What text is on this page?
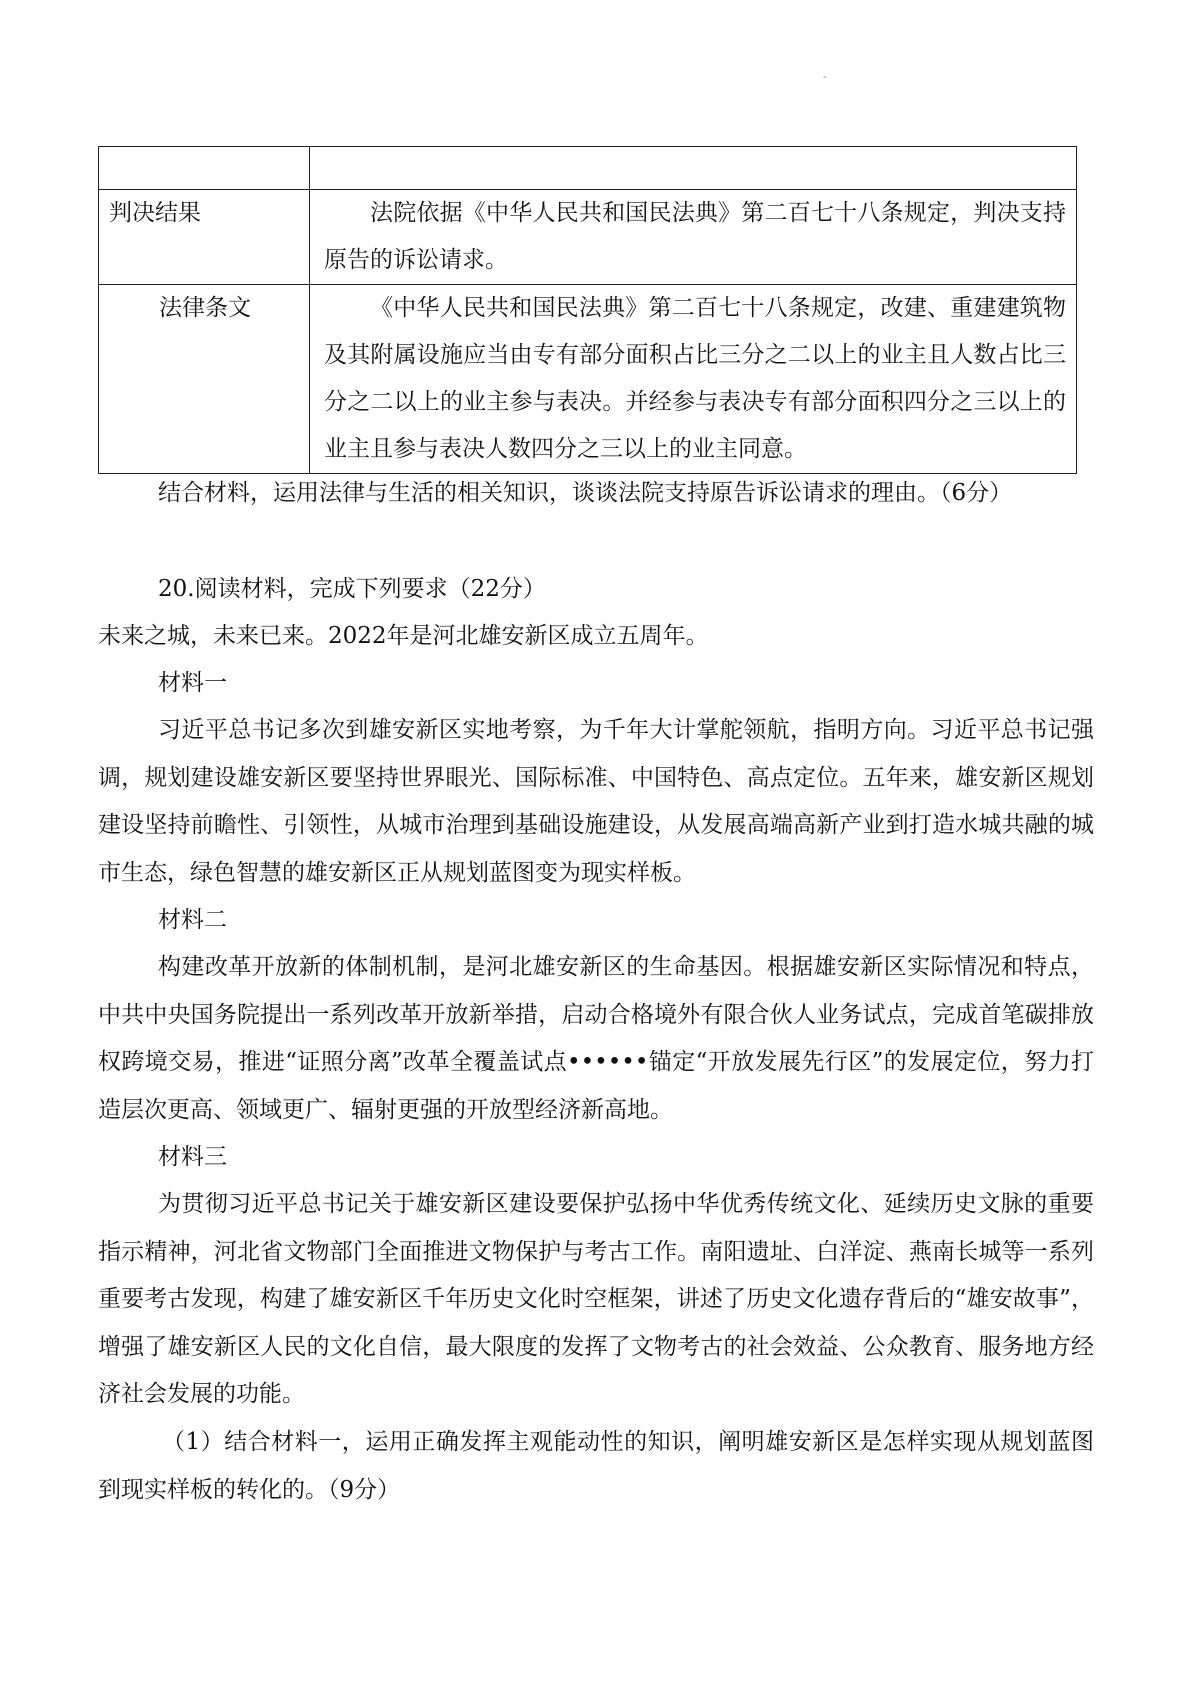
-

判决结果	法院依据《中华人民共和国民法典》第二百七十八条规定，判决支持原告的诉讼请求。
法律条文	《中华人民共和国民法典》第二百七十八条规定，改建、重建建筑物及其附属设施应当由专有部分面积占比三分之二以上的业主且人数占比三分之二以上的业主参与表决。并经参与表决专有部分面积四分之三以上的业主且参与表决人数四分之三以上的业主同意。

结合材料，运用法律与生活的相关知识，谈谈法院支持原告诉讼请求的理由。（6分）

20.阅读材料，完成下列要求（22分）

未来之城，未来已来。2022年是河北雄安新区成立五周年。

材料一

习近平总书记多次到雄安新区实地考察，为千年大计掌舵领航，指明方向。习近平总书记强调，规划建设雄安新区要坚持世界眼光、国际标准、中国特色、高点定位。五年来，雄安新区规划建设坚持前瞻性、引领性，从城市治理到基础设施建设，从发展高端高新产业到打造水城共融的城市生态，绿色智慧的雄安新区正从规划蓝图变为现实样板。

材料二

构建改革开放新的体制机制，是河北雄安新区的生命基因。根据雄安新区实际情况和特点，中共中央国务院提出一系列改革开放新举措，启动合格境外有限合伙人业务试点，完成首笔碳排放权跨境交易，推进“证照分离”改革全覆盖试点••••••锚定“开放发展先行区”的发展定位，努力打造层次更高、领域更广、辐射更强的开放型经济新高地。

材料三

为贯彻习近平总书记关于雄安新区建设要保护弘扬中华优秀传统文化、延续历史文脉的重要指示精神，河北省文物部门全面推进文物保护与考古工作。南阳遗址、白洋淀、燕南长城等一系列重要考古发现，构建了雄安新区千年历史文化时空框架，讲述了历史文化遗存背后的“雄安故事”，增强了雄安新区人民的文化自信，最大限度的发挥了文物考古的社会效益、公众教育、服务地方经济社会发展的功能。

（1）结合材料一，运用正确发挥主观能动性的知识，阐明雄安新区是怎样实现从规划蓝图到现实样板的转化的。（9分）
